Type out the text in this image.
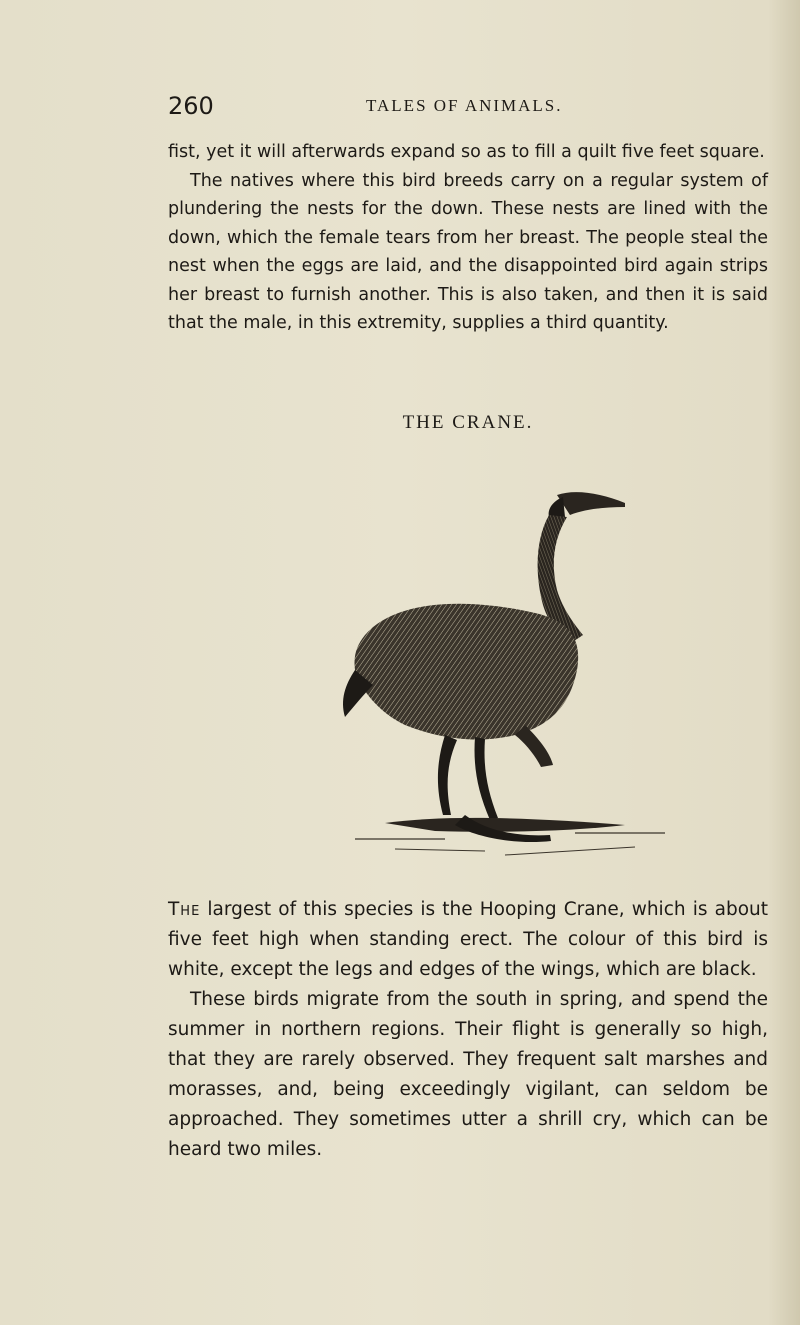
260	TALES OF ANIMALS.

fist, yet it will afterwards expand so as to fill a quilt five feet square.
The natives where this bird breeds carry on a regular system of plundering the nests for the down. These nests are lined with the down, which the female tears from her breast. The people steal the nest when the eggs are laid, and the disappointed bird again strips her breast to furnish another. This is also taken, and then it is said that the male, in this extremity, supplies a third quantity.

THE CRANE.

The largest of this species is the Hooping Crane, which is about five feet high when standing erect. The colour of this bird is white, except the legs and edges of the wings, which are black.
These birds migrate from the south in spring, and spend the summer in northern regions. Their flight is generally so high, that they are rarely observed. They frequent salt marshes and morasses, and, being exceedingly vigilant, can seldom be approached. They sometimes utter a shrill cry, which can be heard two miles.
